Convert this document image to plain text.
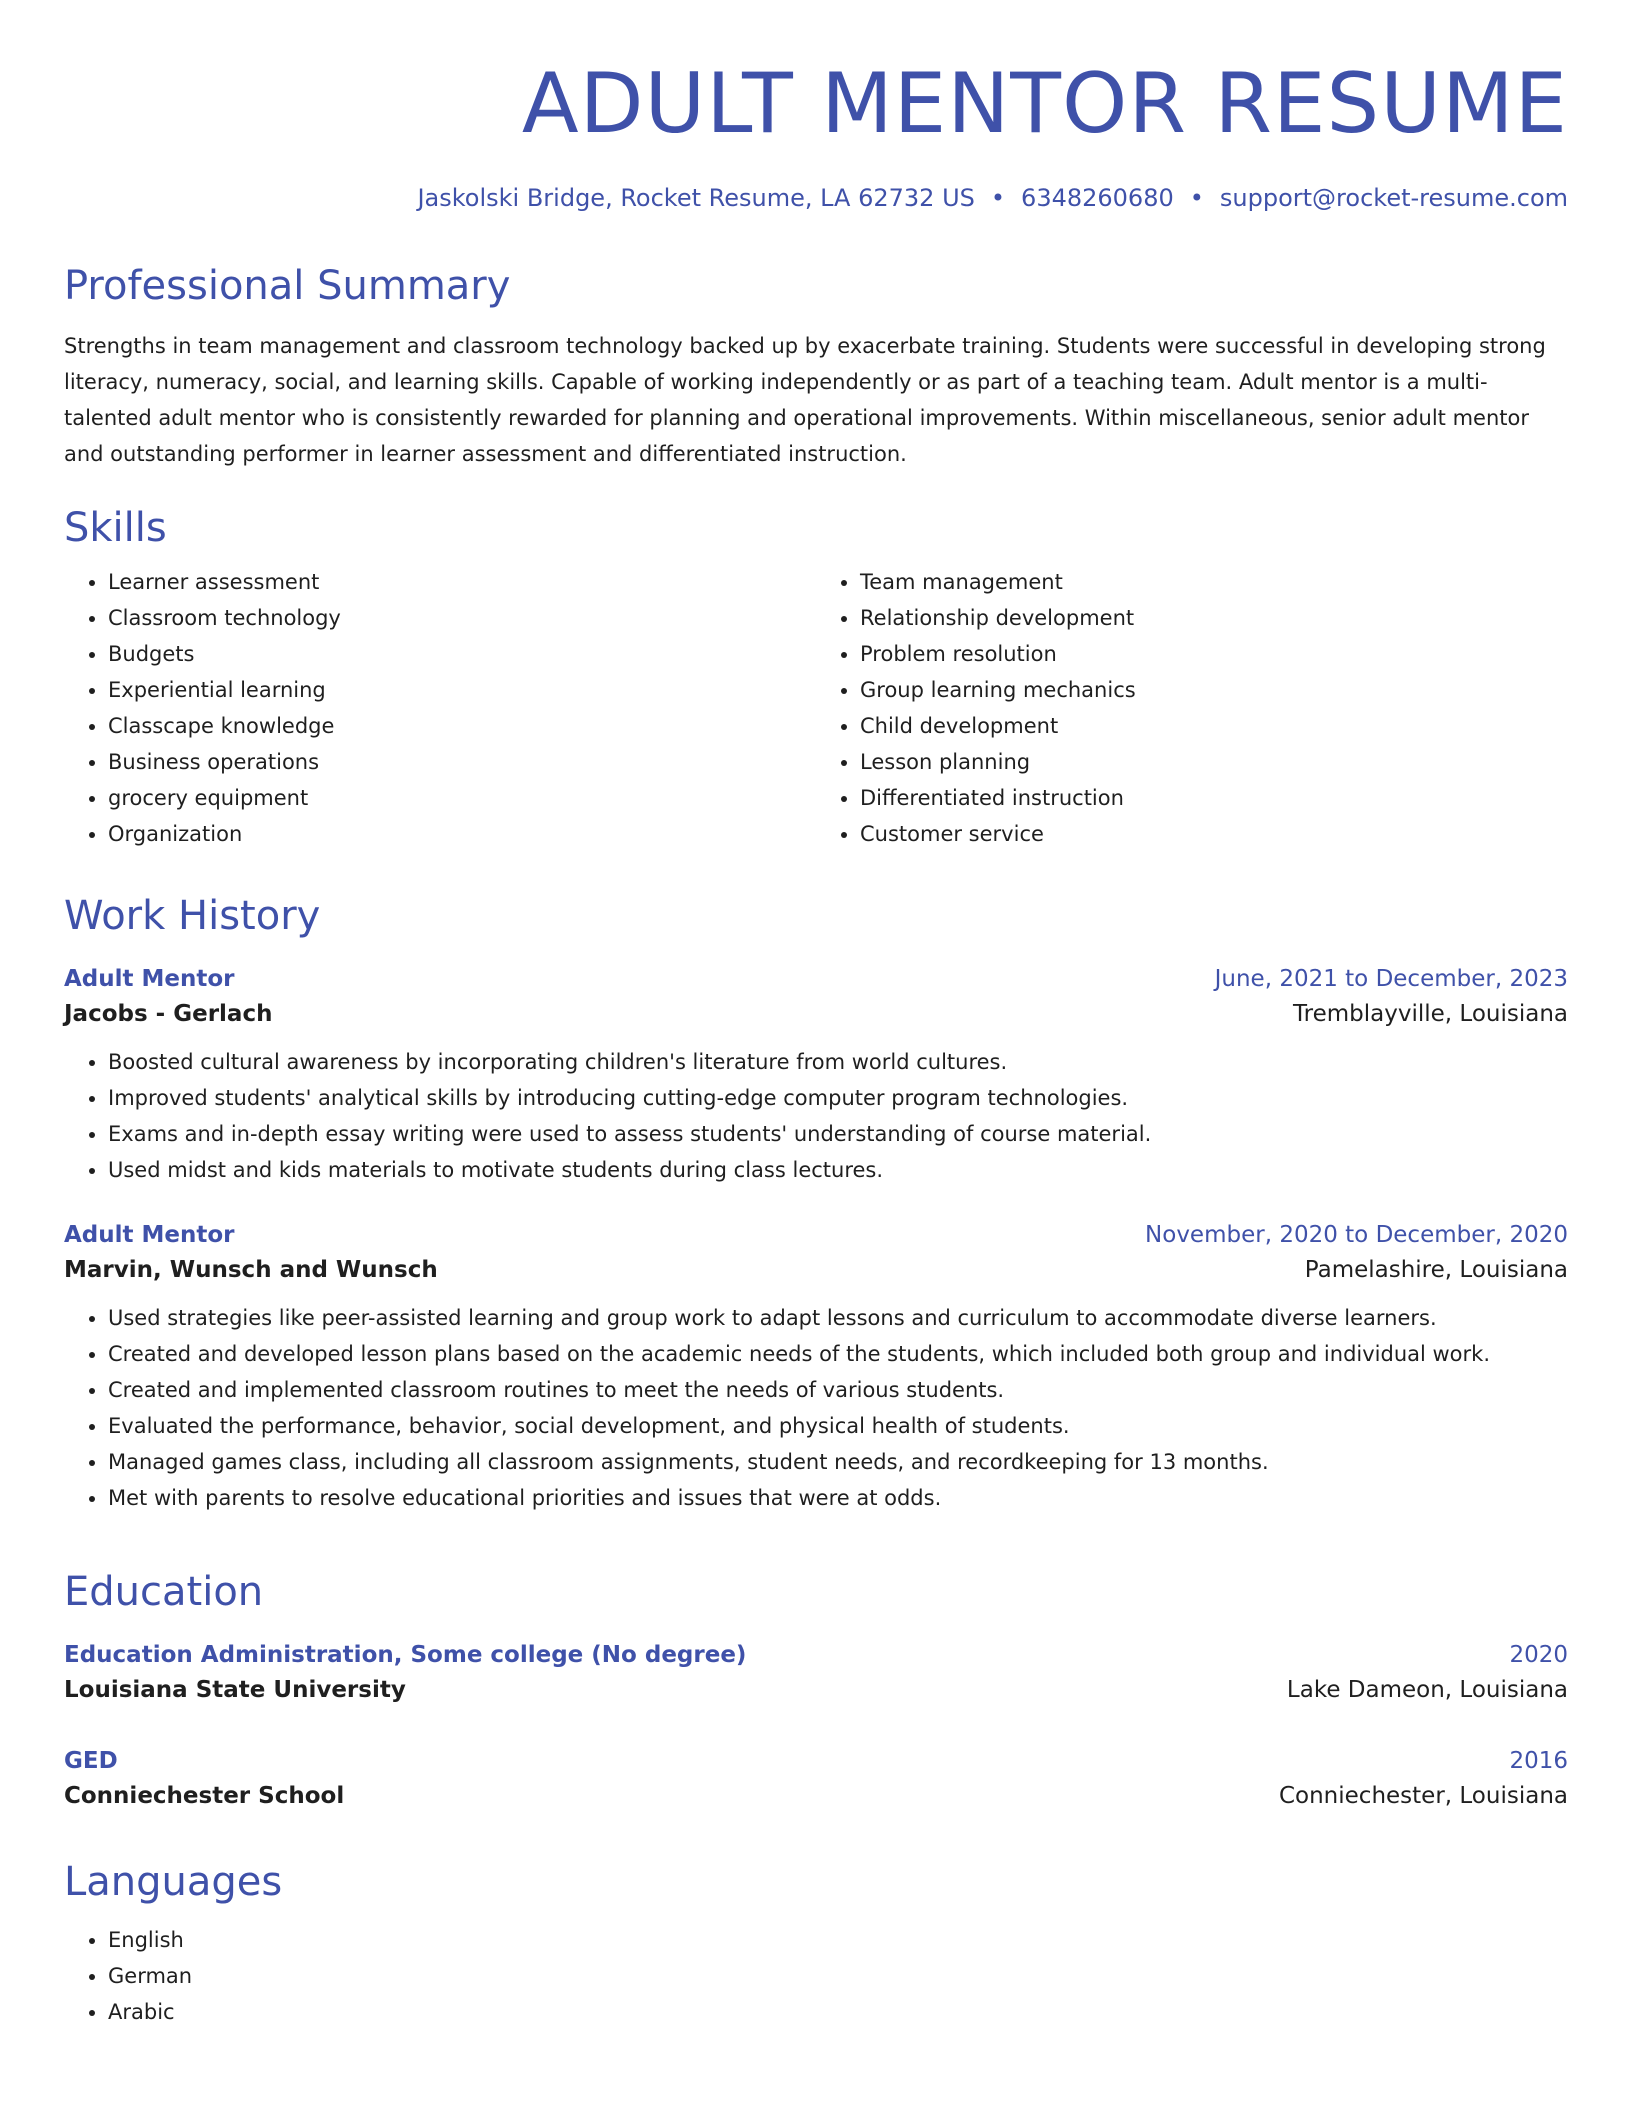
ADULT MENTOR RESUME
Jaskolski Bridge, Rocket Resume, LA 62732 US • 6348260680 • support@rocket-resume.com
Professional Summary

Strengths in team management and classroom technology backed up by exacerbate training. Students were successful in developing strong literacy, numeracy, social, and learning skills. Capable of working independently or as part of a teaching team. Adult mentor is a multi-talented adult mentor who is consistently rewarded for planning and operational improvements. Within miscellaneous, senior adult mentor and outstanding performer in learner assessment and differentiated instruction.

Skills
• Learner assessment
• Classroom technology
• Budgets
• Experiential learning
• Classcape knowledge
• Business operations
• grocery equipment
• Organization
• Team management
• Relationship development
• Problem resolution
• Group learning mechanics
• Child development
• Lesson planning
• Differentiated instruction
• Customer service
Work History
Adult Mentor	June, 2021 to December, 2023
Jacobs - Gerlach	Tremblayville, Louisiana
• Boosted cultural awareness by incorporating children's literature from world cultures.
• Improved students' analytical skills by introducing cutting-edge computer program technologies.
• Exams and in-depth essay writing were used to assess students' understanding of course material.
• Used midst and kids materials to motivate students during class lectures.
Adult Mentor	November, 2020 to December, 2020
Marvin, Wunsch and Wunsch	Pamelashire, Louisiana
• Used strategies like peer-assisted learning and group work to adapt lessons and curriculum to accommodate diverse learners.
• Created and developed lesson plans based on the academic needs of the students, which included both group and individual work.
• Created and implemented classroom routines to meet the needs of various students.
• Evaluated the performance, behavior, social development, and physical health of students.
• Managed games class, including all classroom assignments, student needs, and recordkeeping for 13 months.
• Met with parents to resolve educational priorities and issues that were at odds.
Education
Education Administration, Some college (No degree)	2020
Louisiana State University	Lake Dameon, Louisiana
GED	2016
Conniechester School	Conniechester, Louisiana
Languages
• English
• German
• Arabic
